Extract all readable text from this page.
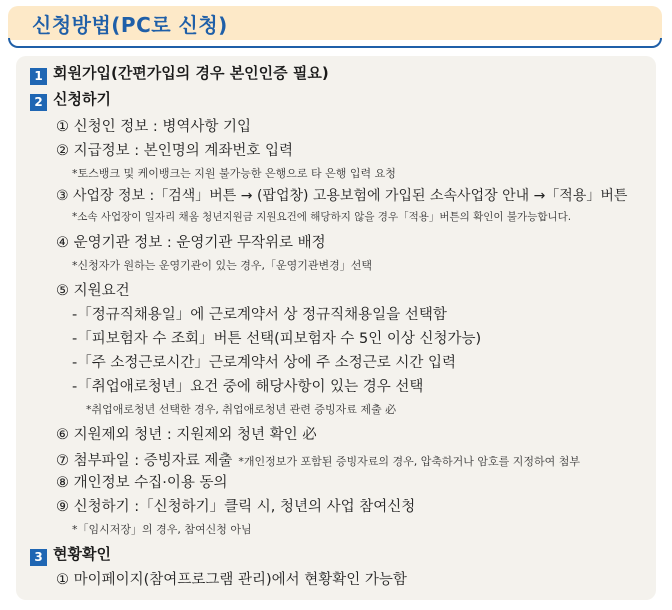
신청방법(PC로 신청)
1 회원가입(간편가입의 경우 본인인증 필요)
2 신청하기
① 신청인 정보 : 병역사항 기입
② 지급정보 : 본인명의 계좌번호 입력
*토스뱅크 및 케이뱅크는 지원 불가능한 은행으로 타 은행 입력 요청
③ 사업장 정보 :「검색」버튼 → (팝업창) 고용보험에 가입된 소속사업장 안내 →「적용」버튼
*소속 사업장이 일자리 채움 청년지원금 지원요건에 해당하지 않을 경우「적용」버튼의 확인이 불가능합니다.
④ 운영기관 정보 : 운영기관 무작위로 배정
*신청자가 원하는 운영기관이 있는 경우,「운영기관변경」선택
⑤ 지원요건
-「정규직채용일」에 근로계약서 상 정규직채용일을 선택함
-「피보험자 수 조회」버튼 선택(피보험자 수 5인 이상 신청가능)
-「주 소정근로시간」근로계약서 상에 주 소정근로 시간 입력
-「취업애로청년」요건 중에 해당사항이 있는 경우 선택
*취업애로청년 선택한 경우, 취업애로청년 관련 증빙자료 제출 必
⑥ 지원제외 청년 : 지원제외 청년 확인 必
⑦ 첨부파일 : 증빙자료 제출 *개인정보가 포함된 증빙자료의 경우, 압축하거나 암호를 지정하여 첨부
⑧ 개인정보 수집·이용 동의
⑨ 신청하기 :「신청하기」클릭 시, 청년의 사업 참여신청
*「임시저장」의 경우, 참여신청 아님
3 현황확인
① 마이페이지(참여프로그램 관리)에서 현황확인 가능함
